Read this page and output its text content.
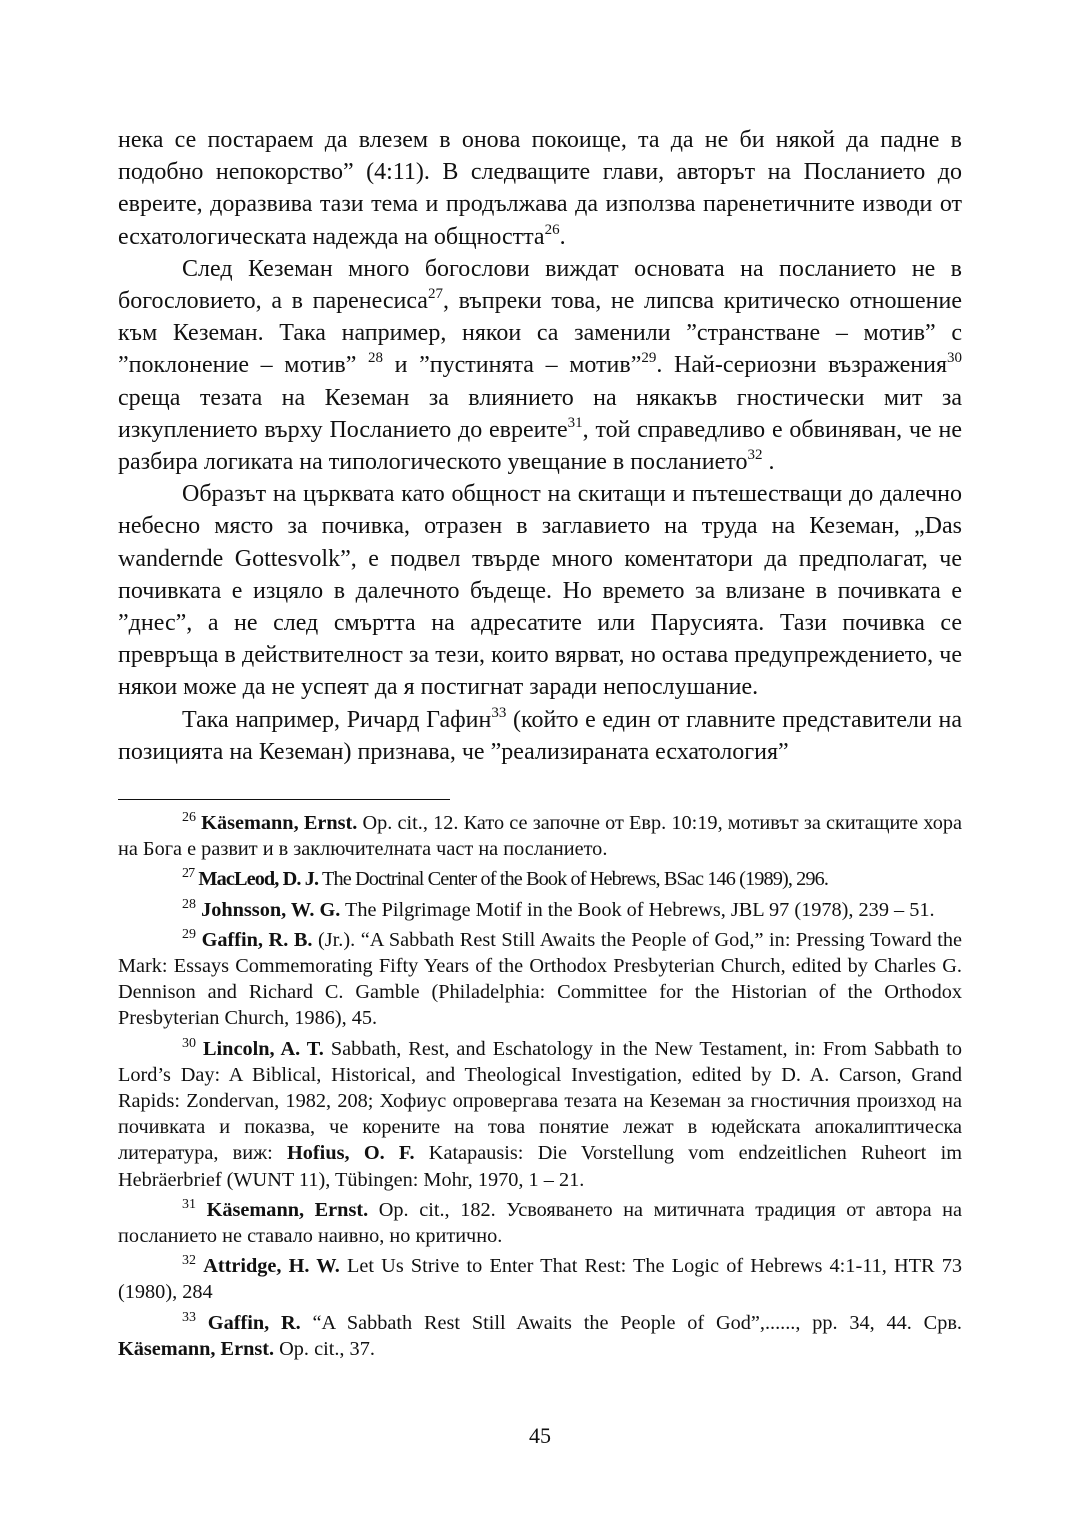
нека се постараем да влезем в онова покоище, та да не би някой да падне в подобно непокорство” (4:11). В следващите глави, авторът на Посланието до евреите, доразвива тази тема и продължава да използва паренетичните изводи от есхатологическата надежда на общността$^{26}$.

След Кеземан много богослови виждат основата на посланието не в богословието, а в паренесиса$^{27}$, въпреки това, не липсва критическо отношение към Кеземан. Така например, някои са заменили ”странстване – мотив” с ”поклонение – мотив” $^{28}$ и ”пустинята – мотив”$^{29}$. Най-сериозни възражения$^{30}$ среща тезата на Кеземан за влиянието на някакъв гностически мит за изкуплението върху Посланието до евреите$^{31}$, той справедливо е обвиняван, че не разбира логиката на типологическото увещание в посланието$^{32}$ .

Образът на църквата като общност на скитащи и пътешестващи до далечно небесно място за почивка, отразен в заглавието на труда на Кеземан, „Das wandernde Gottesvolk”, е подвел твърде много коментатори да предполагат, че почивката е изцяло в далечното бъдеще. Но времето за влизане в почивката е ”днес”, а не след смъртта на адресатите или Парусията. Тази почивка се превръща в действителност за тези, които вярват, но остава предупреждението, че някои може да не успеят да я постигнат заради непослушание.

Така например, Ричард Гафин$^{33}$ (който е един от главните представители на позицията на Кеземан) признава, че ”реализираната есхатология”

$^{26}$ Käsemann, Ernst. Op. cit., 12. Като се започне от Евр. 10:19, мотивът за скитащите хора на Бога е развит и в заключителната част на посланието.

$^{27}$ MacLeod, D. J. The Doctrinal Center of the Book of Hebrews, BSac 146 (1989), 296.

$^{28}$ Johnsson, W. G. The Pilgrimage Motif in the Book of Hebrews, JBL 97 (1978), 239 – 51.

$^{29}$ Gaffin, R. B. (Jr.). “A Sabbath Rest Still Awaits the People of God,” in: Pressing Toward the Mark: Essays Commemorating Fifty Years of the Orthodox Presbyterian Church, edited by Charles G. Dennison and Richard C. Gamble (Philadelphia: Committee for the Historian of the Orthodox Presbyterian Church, 1986), 45.

$^{30}$ Lincoln, A. T. Sabbath, Rest, and Eschatology in the New Testament, in: From Sabbath to Lord’s Day: A Biblical, Historical, and Theological Investigation, edited by D. A. Carson, Grand Rapids: Zondervan, 1982, 208; Хофиус опровергава тезата на Кеземан за гностичния произход на почивката и показва, че корените на това понятие лежат в юдейската апокалиптическа литература, виж: Hofius, O. F. Katapausis: Die Vorstellung vom endzeitlichen Ruheort im Hebräerbrief (WUNT 11), Tübingen: Mohr, 1970, 1 – 21.

$^{31}$ Käsemann, Ernst. Op. cit., 182. Усвояването на митичната традиция от автора на посланието не ставало наивно, но критично.

$^{32}$ Attridge, H. W. Let Us Strive to Enter That Rest: The Logic of Hebrews 4:1-11, HTR 73 (1980), 284

$^{33}$ Gaffin, R. “A Sabbath Rest Still Awaits the People of God”,......, pp. 34, 44. Срв. Käsemann, Ernst. Op. cit., 37.

45
